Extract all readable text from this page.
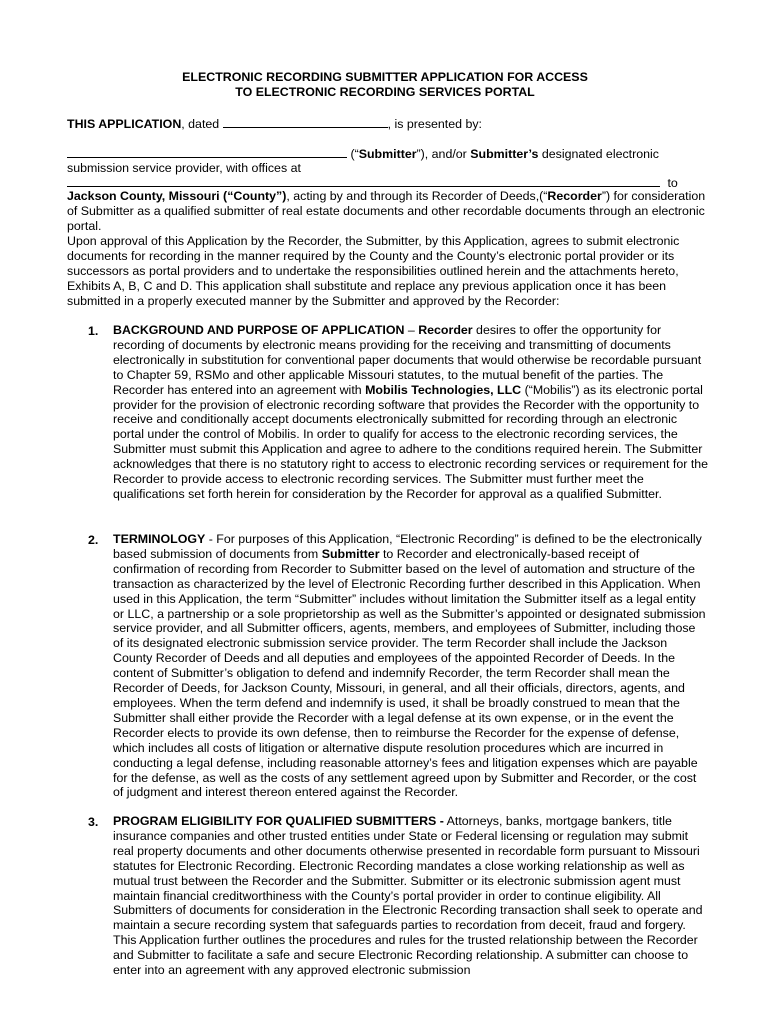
ELECTRONIC RECORDING SUBMITTER APPLICATION FOR ACCESS
TO ELECTRONIC RECORDING SERVICES PORTAL
THIS APPLICATION, dated	, is presented by:
(“Submitter”), and/or Submitter’s designated electronic
submission service provider, with offices at
to

Jackson County, Missouri (“County”), acting by and through its Recorder of Deeds,(“Recorder”) for consideration of Submitter as a qualified submitter of real estate documents and other recordable documents through an electronic portal.

Upon approval of this Application by the Recorder, the Submitter, by this Application, agrees to submit electronic documents for recording in the manner required by the County and the County’s electronic portal provider or its successors as portal providers and to undertake the responsibilities outlined herein and the attachments hereto, Exhibits A, B, C and D. This application shall substitute and replace any previous application once it has been submitted in a properly executed manner by the Submitter and approved by the Recorder:

1. BACKGROUND AND PURPOSE OF APPLICATION – Recorder desires to offer the opportunity for recording of documents by electronic means providing for the receiving and transmitting of documents electronically in substitution for conventional paper documents that would otherwise be recordable pursuant to Chapter 59, RSMo and other applicable Missouri statutes, to the mutual benefit of the parties. The Recorder has entered into an agreement with Mobilis Technologies, LLC (“Mobilis”) as its electronic portal provider for the provision of electronic recording software that provides the Recorder with the opportunity to receive and conditionally accept documents electronically submitted for recording through an electronic portal under the control of Mobilis. In order to qualify for access to the electronic recording services, the Submitter must submit this Application and agree to adhere to the conditions required herein. The Submitter acknowledges that there is no statutory right to access to electronic recording services or requirement for the Recorder to provide access to electronic recording services. The Submitter must further meet the qualifications set forth herein for consideration by the Recorder for approval as a qualified Submitter.

2. TERMINOLOGY - For purposes of this Application, “Electronic Recording” is defined to be the electronically based submission of documents from Submitter to Recorder and electronically-based receipt of confirmation of recording from Recorder to Submitter based on the level of automation and structure of the transaction as characterized by the level of Electronic Recording further described in this Application. When used in this Application, the term “Submitter” includes without limitation the Submitter itself as a legal entity or LLC, a partnership or a sole proprietorship as well as the Submitter’s appointed or designated submission service provider, and all Submitter officers, agents, members, and employees of Submitter, including those of its designated electronic submission service provider. The term Recorder shall include the Jackson County Recorder of Deeds and all deputies and employees of the appointed Recorder of Deeds. In the content of Submitter’s obligation to defend and indemnify Recorder, the term Recorder shall mean the Recorder of Deeds, for Jackson County, Missouri, in general, and all their officials, directors, agents, and employees. When the term defend and indemnify is used, it shall be broadly construed to mean that the Submitter shall either provide the Recorder with a legal defense at its own expense, or in the event the Recorder elects to provide its own defense, then to reimburse the Recorder for the expense of defense, which includes all costs of litigation or alternative dispute resolution procedures which are incurred in conducting a legal defense, including reasonable attorney’s fees and litigation expenses which are payable for the defense, as well as the costs of any settlement agreed upon by Submitter and Recorder, or the cost of judgment and interest thereon entered against the Recorder.

3. PROGRAM ELIGIBILITY FOR QUALIFIED SUBMITTERS - Attorneys, banks, mortgage bankers, title insurance companies and other trusted entities under State or Federal licensing or regulation may submit real property documents and other documents otherwise presented in recordable form pursuant to Missouri statutes for Electronic Recording. Electronic Recording mandates a close working relationship as well as mutual trust between the Recorder and the Submitter. Submitter or its electronic submission agent must maintain financial creditworthiness with the County’s portal provider in order to continue eligibility. All Submitters of documents for consideration in the Electronic Recording transaction shall seek to operate and maintain a secure recording system that safeguards parties to recordation from deceit, fraud and forgery. This Application further outlines the procedures and rules for the trusted relationship between the Recorder and Submitter to facilitate a safe and secure Electronic Recording relationship. A submitter can choose to enter into an agreement with any approved electronic submission
